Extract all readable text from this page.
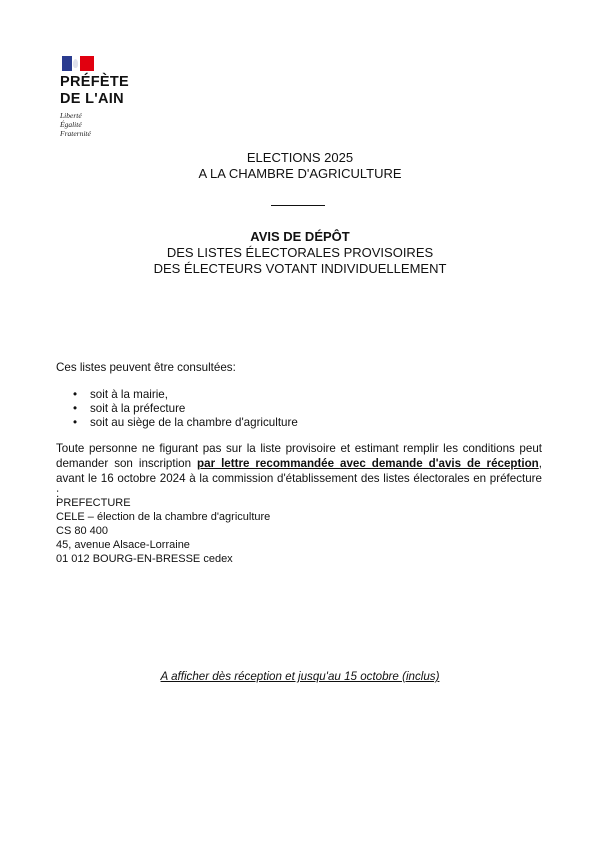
PRÉFÈTE
DE L'AIN
Liberté
Égalité
Fraternité
ELECTIONS 2025
A LA CHAMBRE D'AGRICULTURE
AVIS DE DÉPÔT
DES LISTES ÉLECTORALES PROVISOIRES
DES ÉLECTEURS VOTANT INDIVIDUELLEMENT
Ces listes peuvent être consultées:
• soit à la mairie,
• soit à la préfecture
• soit au siège de la chambre d'agriculture
Toute personne ne figurant pas sur la liste provisoire et estimant remplir les conditions peut demander son inscription par lettre recommandée avec demande d'avis de réception, avant le 16 octobre 2024 à la commission d'établissement des listes électorales en préfecture :
PREFECTURE
CELE – élection de la chambre d'agriculture
CS 80 400
45, avenue Alsace-Lorraine
01 012 BOURG-EN-BRESSE cedex
A afficher dès réception et jusqu'au 15 octobre (inclus)
